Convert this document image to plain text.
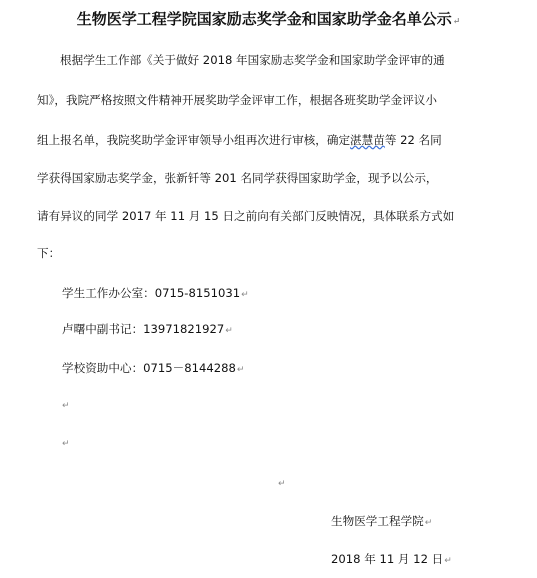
生物医学工程学院国家励志奖学金和国家助学金名单公示↵
根据学生工作部《关于做好 2018 年国家励志奖学金和国家助学金评审的通
知》，我院严格按照文件精神开展奖助学金评审工作，根据各班奖助学金评议小
组上报名单，我院奖助学金评审领导小组再次进行审核，确定湛慧苗等 22 名同
学获得国家励志奖学金，张新钎等 201 名同学获得国家助学金，现予以公示，
请有异议的同学 2017 年 11 月 15 日之前向有关部门反映情况，具体联系方式如
下：
学生工作办公室：0715-8151031↵
卢曙中副书记：13971821927↵
学校资助中心：0715－8144288↵
↵
↵
↵
生物医学工程学院↵
2018 年 11 月 12 日↵
